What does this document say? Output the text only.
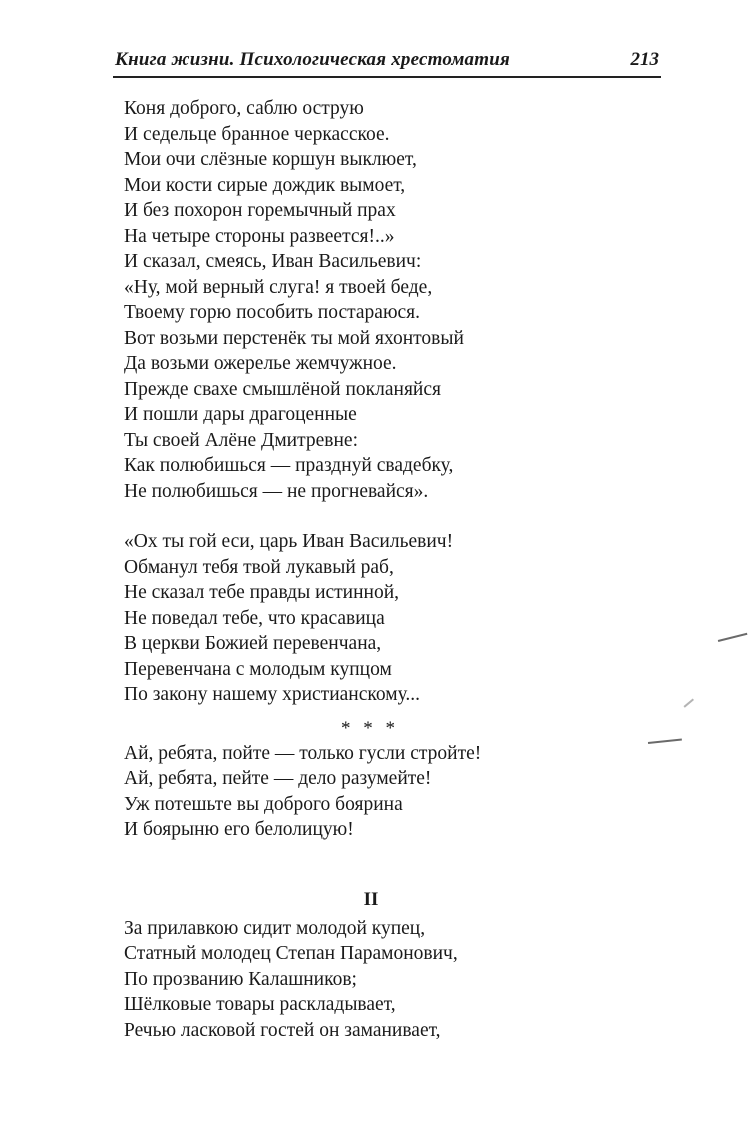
Книга жизни. Психологическая хрестоматия	213
Коня доброго, саблю острую
И седельце бранное черкасское.
Мои очи слёзные коршун выклюет,
Мои кости сирые дождик вымоет,
И без похорон горемычный прах
На четыре стороны развеется!..»
И сказал, смеясь, Иван Васильевич:
«Ну, мой верный слуга! я твоей беде,
Твоему горю пособить постараюся.
Вот возьми перстенёк ты мой яхонтовый
Да возьми ожерелье жемчужное.
Прежде свахе смышлёной покланяйся
И пошли дары драгоценные
Ты своей Алёне Дмитревне:
Как полюбишься — празднуй свадебку,
Не полюбишься — не прогневайся».
«Ох ты гой еси, царь Иван Васильевич!
Обманул тебя твой лукавый раб,
Не сказал тебе правды истинной,
Не поведал тебе, что красавица
В церкви Божией перевенчана,
Перевенчана с молодым купцом
По закону нашему христианскому...
* * *
Ай, ребята, пойте — только гусли стройте!
Ай, ребята, пейте — дело разумейте!
Уж потешьте вы доброго боярина
И боярыню его белолицую!
II
За прилавкою сидит молодой купец,
Статный молодец Степан Парамонович,
По прозванию Калашников;
Шёлковые товары раскладывает,
Речью ласковой гостей он заманивает,
